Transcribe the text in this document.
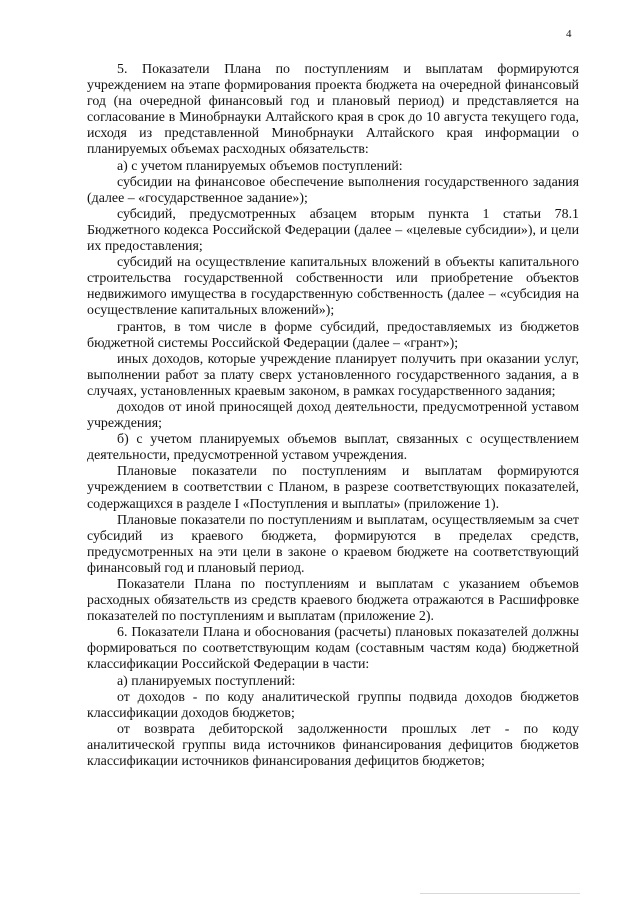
4

5. Показатели Плана по поступлениям и выплатам формируются учреждением на этапе формирования проекта бюджета на очередной финансовый год (на очередной финансовый год и плановый период) и представляется на согласование в Минобрнауки Алтайского края в срок до 10 августа текущего года, исходя из представленной Минобрнауки Алтайского края информации о планируемых объемах расходных обязательств:

а) с учетом планируемых объемов поступлений:

субсидии на финансовое обеспечение выполнения государственного задания (далее – «государственное задание»);

субсидий, предусмотренных абзацем вторым пункта 1 статьи 78.1 Бюджетного кодекса Российской Федерации (далее – «целевые субсидии»), и цели их предоставления;

субсидий на осуществление капитальных вложений в объекты капитального строительства государственной собственности или приобретение объектов недвижимого имущества в государственную собственность (далее – «субсидия на осуществление капитальных вложений»);

грантов, в том числе в форме субсидий, предоставляемых из бюджетов бюджетной системы Российской Федерации (далее – «грант»);

иных доходов, которые учреждение планирует получить при оказании услуг, выполнении работ за плату сверх установленного государственного задания, а в случаях, установленных краевым законом, в рамках государственного задания;

доходов от иной приносящей доход деятельности, предусмотренной уставом учреждения;

б) с учетом планируемых объемов выплат, связанных с осуществлением деятельности, предусмотренной уставом учреждения.

Плановые показатели по поступлениям и выплатам формируются учреждением в соответствии с Планом, в разрезе соответствующих показателей, содержащихся в разделе I «Поступления и выплаты» (приложение 1).

Плановые показатели по поступлениям и выплатам, осуществляемым за счет субсидий из краевого бюджета, формируются в пределах средств, предусмотренных на эти цели в законе о краевом бюджете на соответствующий финансовый год и плановый период.

Показатели Плана по поступлениям и выплатам с указанием объемов расходных обязательств из средств краевого бюджета отражаются в Расшифровке показателей по поступлениям и выплатам (приложение 2).

6. Показатели Плана и обоснования (расчеты) плановых показателей должны формироваться по соответствующим кодам (составным частям кода) бюджетной классификации Российской Федерации в части:

а) планируемых поступлений:

от доходов - по коду аналитической группы подвида доходов бюджетов классификации доходов бюджетов;

от возврата дебиторской задолженности прошлых лет - по коду аналитической группы вида источников финансирования дефицитов бюджетов классификации источников финансирования дефицитов бюджетов;
